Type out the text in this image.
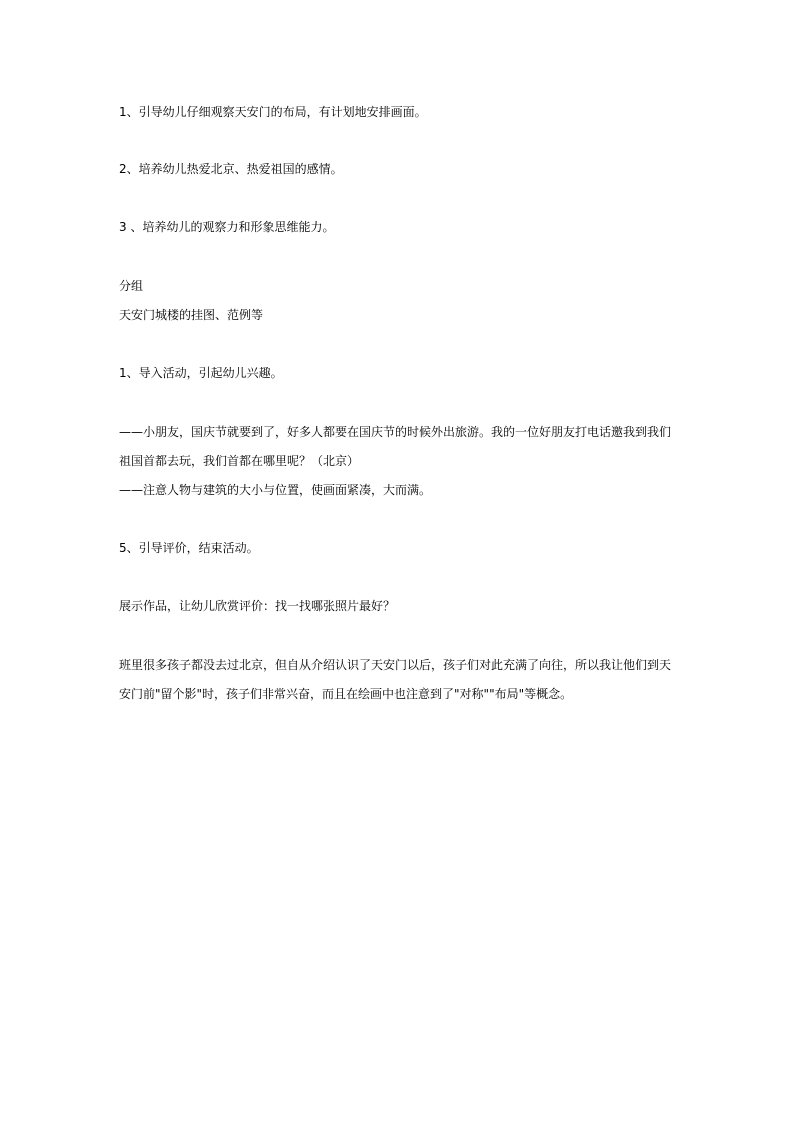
1、引导幼儿仔细观察天安门的布局，有计划地安排画面。
2、培养幼儿热爱北京、热爱祖国的感情。
3 、培养幼儿的观察力和形象思维能力。
分组
天安门城楼的挂图、范例等
1、导入活动，引起幼儿兴趣。
——小朋友，国庆节就要到了，好多人都要在国庆节的时候外出旅游。我的一位好朋友打电话邀我到我们
祖国首都去玩，我们首都在哪里呢？（北京）
——注意人物与建筑的大小与位置，使画面紧凑，大而满。
5、引导评价，结束活动。
展示作品，让幼儿欣赏评价：找一找哪张照片最好？
班里很多孩子都没去过北京，但自从介绍认识了天安门以后，孩子们对此充满了向往，所以我让他们到天
安门前"留个影"时，孩子们非常兴奋，而且在绘画中也注意到了"对称""布局"等概念。
